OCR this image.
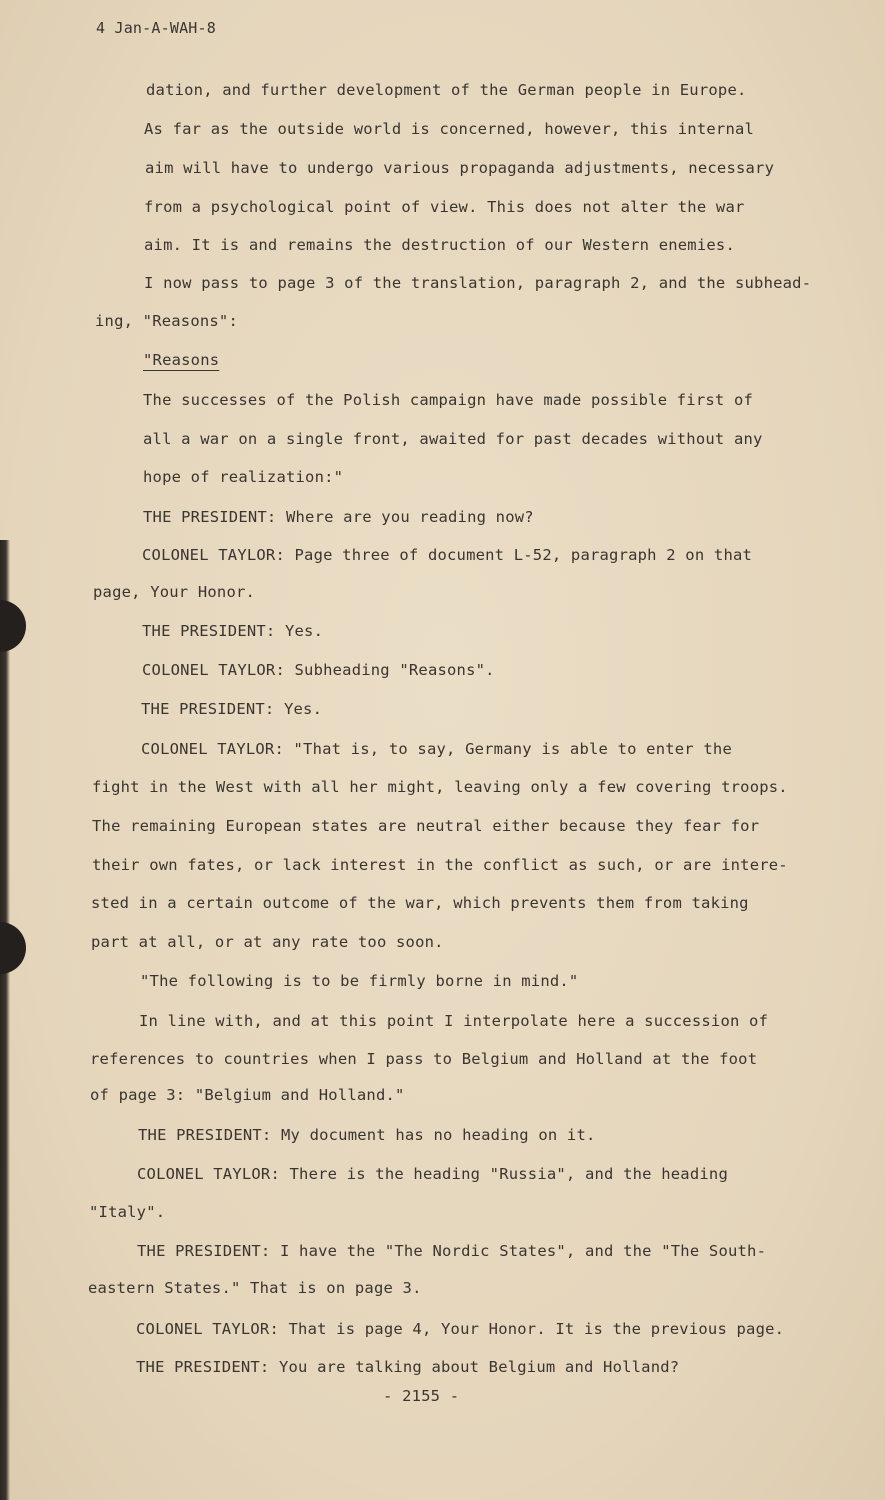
4 Jan-A-WAH-8
dation, and further development of the German people in Europe.
As far as the outside world is concerned, however, this internal
aim will have to undergo various propaganda adjustments, necessary
from a psychological point of view. This does not alter the war
aim. It is and remains the destruction of our Western enemies.
I now pass to page 3 of the translation, paragraph 2, and the subhead-
ing, "Reasons":
"Reasons
The successes of the Polish campaign have made possible first of
all a war on a single front, awaited for past decades without any
hope of realization:"
THE PRESIDENT: Where are you reading now?
COLONEL TAYLOR: Page three of document L-52, paragraph 2 on that
page, Your Honor.
THE PRESIDENT: Yes.
COLONEL TAYLOR: Subheading "Reasons".
THE PRESIDENT: Yes.
COLONEL TAYLOR: "That is, to say, Germany is able to enter the
fight in the West with all her might, leaving only a few covering troops.
The remaining European states are neutral either because they fear for
their own fates, or lack interest in the conflict as such, or are intere-
sted in a certain outcome of the war, which prevents them from taking
part at all, or at any rate too soon.
"The following is to be firmly borne in mind."
In line with, and at this point I interpolate here a succession of
references to countries when I pass to Belgium and Holland at the foot
of page 3: "Belgium and Holland."
THE PRESIDENT: My document has no heading on it.
COLONEL TAYLOR: There is the heading "Russia", and the heading
"Italy".
THE PRESIDENT: I have the "The Nordic States", and the "The South-
eastern States." That is on page 3.
COLONEL TAYLOR: That is page 4, Your Honor. It is the previous page.
THE PRESIDENT: You are talking about Belgium and Holland?
- 2155 -
